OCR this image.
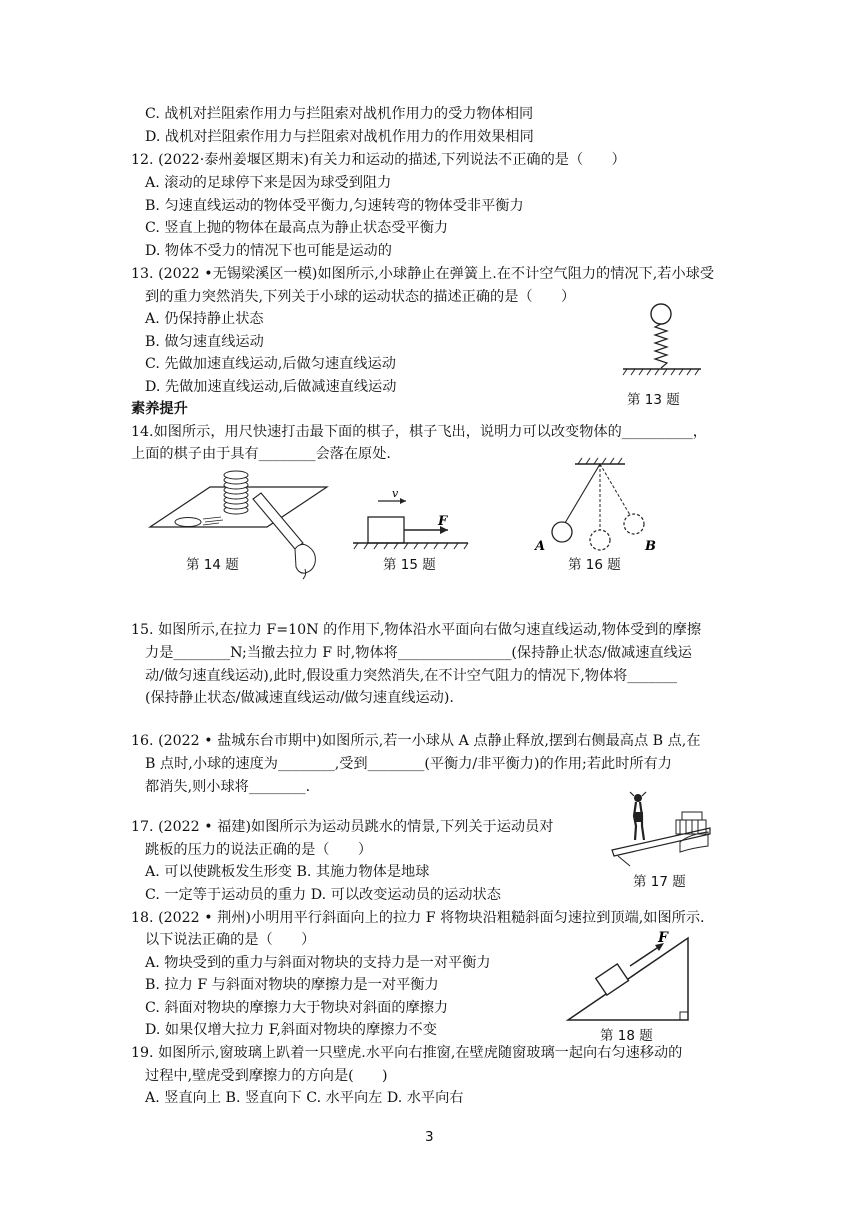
C. 战机对拦阻索作用力与拦阻索对战机作用力的受力物体相同
D. 战机对拦阻索作用力与拦阻索对战机作用力的作用效果相同
12. (2022·泰州姜堰区期末)有关力和运动的描述,下列说法不正确的是（　　）
A. 滚动的足球停下来是因为球受到阻力
B. 匀速直线运动的物体受平衡力,匀速转弯的物体受非平衡力
C. 竖直上抛的物体在最高点为静止状态受平衡力
D. 物体不受力的情况下也可能是运动的
13. (2022 •无锡梁溪区一模)如图所示,小球静止在弹簧上.在不计空气阻力的情况下,若小球受
到的重力突然消失,下列关于小球的运动状态的描述正确的是（　　）
A. 仍保持静止状态
B. 做匀速直线运动
C. 先做加速直线运动,后做匀速直线运动
D. 先做加速直线运动,后做减速直线运动
素养提升
14.如图所示，用尺快速打击最下面的棋子，棋子飞出，说明力可以改变物体的__________，
上面的棋子由于具有________会落在原处.
15. 如图所示,在拉力 F=10N 的作用下,物体沿水平面向右做匀速直线运动,物体受到的摩擦
力是________N;当撤去拉力 F 时,物体将________________(保持静止状态/做减速直线运
动/做匀速直线运动),此时,假设重力突然消失,在不计空气阻力的情况下,物体将_______
(保持静止状态/做减速直线运动/做匀速直线运动).
16. (2022 • 盐城东台市期中)如图所示,若一小球从 A 点静止释放,摆到右侧最高点 B 点,在
B 点时,小球的速度为________,受到________(平衡力/非平衡力)的作用;若此时所有力
都消失,则小球将________.
17. (2022 • 福建)如图所示为运动员跳水的情景,下列关于运动员对
跳板的压力的说法正确的是（　　）
A. 可以使跳板发生形变 B. 其施力物体是地球
C. 一定等于运动员的重力 D. 可以改变运动员的运动状态
18. (2022 • 荆州)小明用平行斜面向上的拉力 F 将物块沿粗糙斜面匀速拉到顶端,如图所示.
以下说法正确的是（　　）
A. 物块受到的重力与斜面对物块的支持力是一对平衡力
B. 拉力 F 与斜面对物块的摩擦力是一对平衡力
C. 斜面对物块的摩擦力大于物块对斜面的摩擦力
D. 如果仅增大拉力 F,斜面对物块的摩擦力不变
19. 如图所示,窗玻璃上趴着一只壁虎.水平向右推窗,在壁虎随窗玻璃一起向右匀速移动的
过程中,壁虎受到摩擦力的方向是(　　)
A. 竖直向上 B. 竖直向下 C. 水平向左 D. 水平向右
3
第 13 题
第 14 题
v
F
第 15 题
A	B
第 16 题
第 17 题
F
第 18 题
